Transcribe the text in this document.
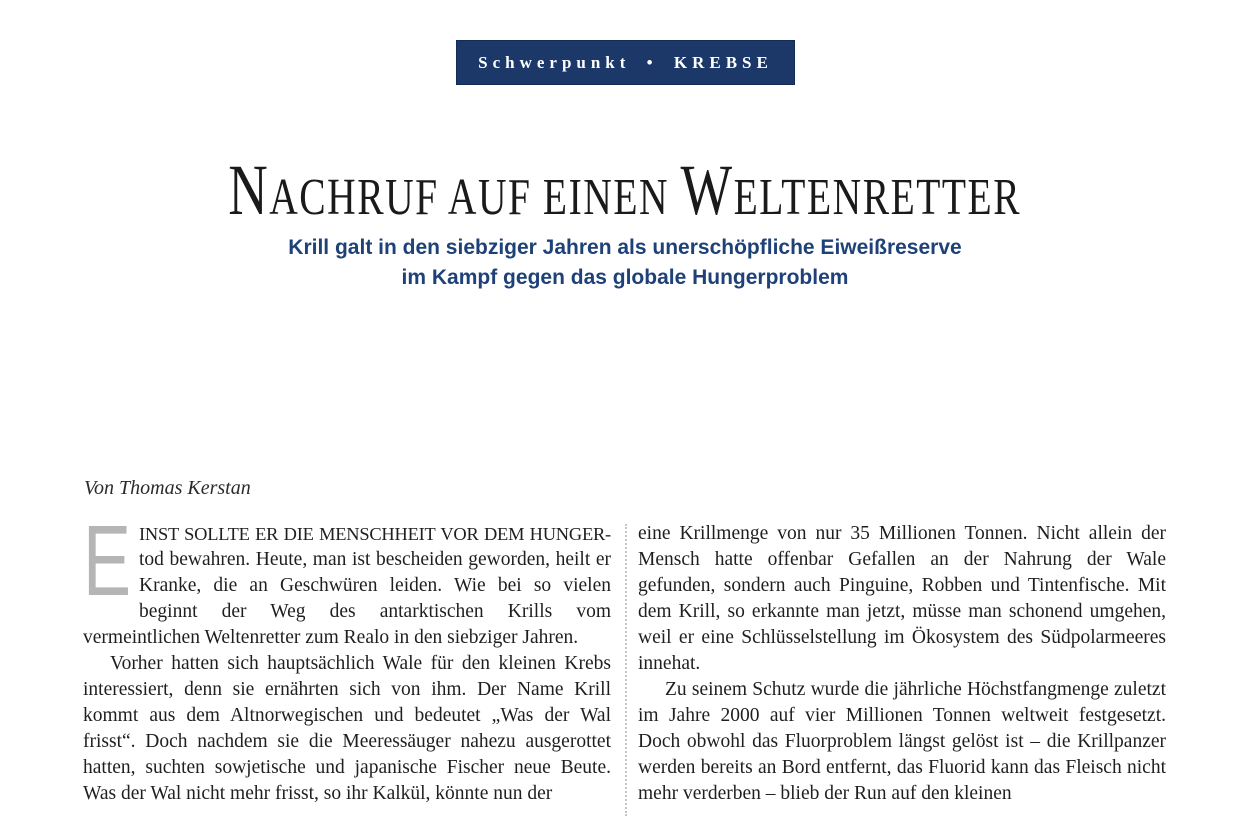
Schwerpunkt • KREBSE
NACHRUF AUF EINEN WELTENRETTER
Krill galt in den siebziger Jahren als unerschöpfliche Eiweißreserve
im Kampf gegen das globale Hungerproblem
Von Thomas Kerstan

E INST SOLLTE ER DIE MENSCHHEIT VOR DEM HUNGER-
tod bewahren. Heute, man ist bescheiden geworden, heilt er Kranke, die an Geschwüren leiden. Wie bei so vielen beginnt der Weg des antarktischen Krills vom vermeintlichen Weltenretter zum Realo in den siebziger Jahren.

Vorher hatten sich hauptsächlich Wale für den kleinen Krebs interessiert, denn sie ernährten sich von ihm. Der Name Krill kommt aus dem Altnorwegischen und bedeutet „Was der Wal frisst“. Doch nachdem sie die Meeressäuger nahezu ausgerottet hatten, suchten sowjetische und japanische Fischer neue Beute. Was der Wal nicht mehr frisst, so ihr Kalkül, könnte nun der

eine Krillmenge von nur 35 Millionen Tonnen. Nicht allein der Mensch hatte offenbar Gefallen an der Nahrung der Wale gefunden, sondern auch Pinguine, Robben und Tintenfische. Mit dem Krill, so erkannte man jetzt, müsse man schonend umgehen, weil er eine Schlüsselstellung im Ökosystem des Südpolarmeeres innehat.

Zu seinem Schutz wurde die jährliche Höchstfangmenge zuletzt im Jahre 2000 auf vier Millionen Tonnen weltweit festgesetzt. Doch obwohl das Fluorproblem längst gelöst ist – die Krillpanzer werden bereits an Bord entfernt, das Fluorid kann das Fleisch nicht mehr verderben – blieb der Run auf den kleinen
